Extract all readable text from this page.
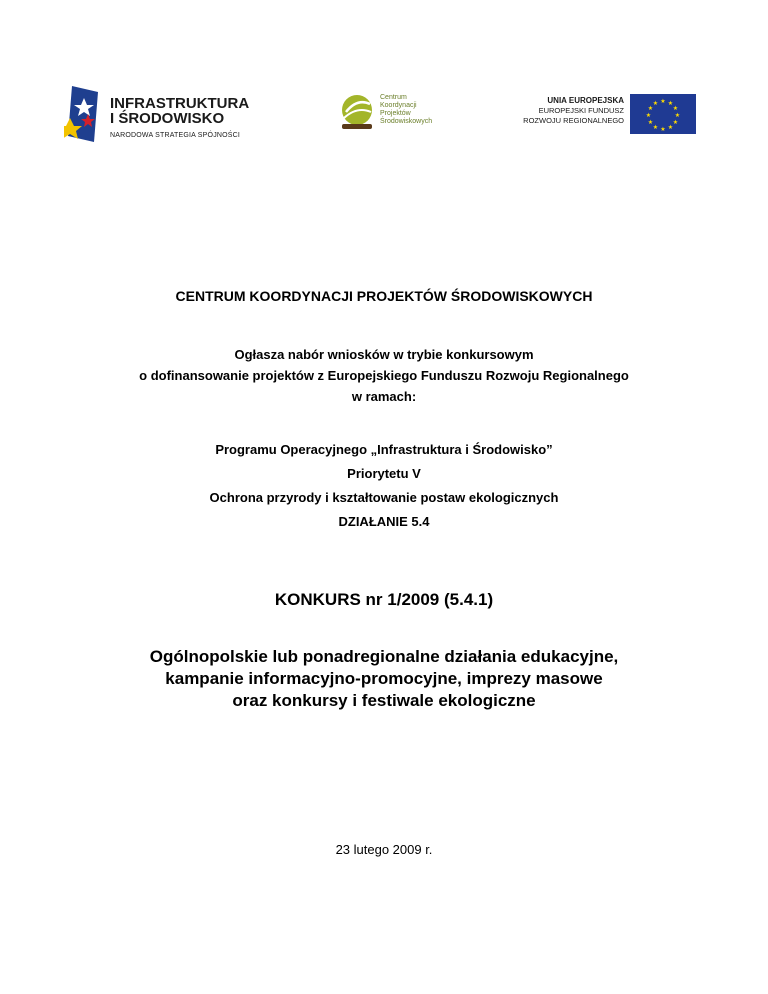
INFRASTRUKTURA
I ŚRODOWISKO
NARODOWA STRATEGIA SPÓJNOŚCI
Centrum
Koordynacji
Projektów
Środowiskowych
UNIA EUROPEJSKA
EUROPEJSKI FUNDUSZ
ROZWOJU REGIONALNEGO
★ ★
★
★
★
★
★
★
★
★
★
★
CENTRUM KOORDYNACJI PROJEKTÓW ŚRODOWISKOWYCH
Ogłasza nabór wniosków w trybie konkursowym
o dofinansowanie projektów z Europejskiego Funduszu Rozwoju Regionalnego
w ramach:
Programu Operacyjnego „Infrastruktura i Środowisko”
Priorytetu V
Ochrona przyrody i kształtowanie postaw ekologicznych
DZIAŁANIE 5.4
KONKURS nr 1/2009 (5.4.1)
Ogólnopolskie lub ponadregionalne działania edukacyjne,
kampanie informacyjno-promocyjne, imprezy masowe
oraz konkursy i festiwale ekologiczne
23 lutego 2009 r.
